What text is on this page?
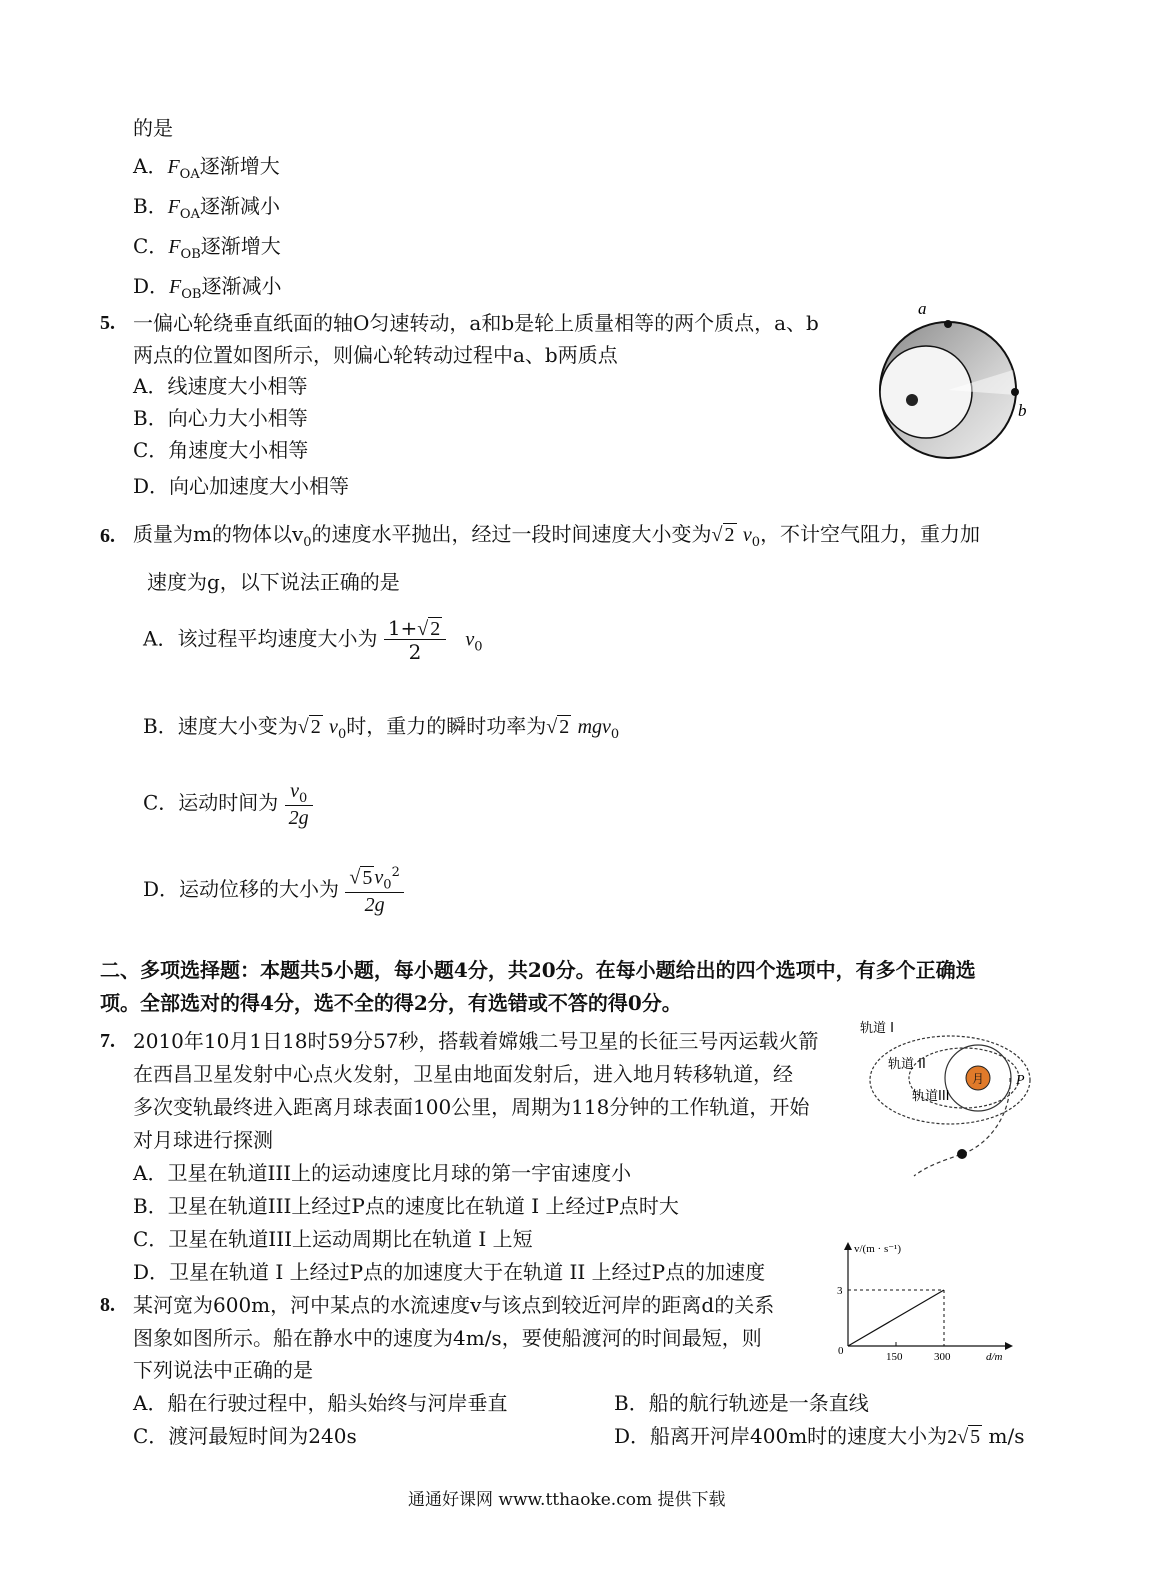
的是
A．$F_{OA}$逐渐增大
B．$F_{OA}$逐渐减小
C．$F_{OB}$逐渐增大
D．$F_{OB}$逐渐减小
5. 一偏心轮绕垂直纸面的轴O匀速转动，a和b是轮上质量相等的两个质点，a、b
两点的位置如图所示，则偏心轮转动过程中a、b两质点
A．线速度大小相等
B．向心力大小相等
C．角速度大小相等
D．向心加速度大小相等
a
b
6. 质量为m的物体以$v_0$的速度水平抛出，经过一段时间速度大小变为√ 2 $v_0$，不计空气阻力，重力加
速度为g，以下说法正确的是
A．该过程平均速度大小为 $\frac{1+√ 2}{2} v_0$
B．速度大小变为√ 2 $v_0$时，重力的瞬时功率为√ 2 mgv$_0$
C．运动时间为 $\frac{v_0}{2g}$
D．运动位移的大小为 $\frac{√ 5 v_0^2}{2g}$
二、多项选择题：本题共5小题，每小题4分，共20分。在每小题给出的四个选项中，有多个正确选
项。全部选对的得4分，选不全的得2分，有选错或不答的得0分。
7. 2010年10月1日18时59分57秒，搭载着嫦娥二号卫星的长征三号丙运载火箭
在西昌卫星发射中心点火发射，卫星由地面发射后，进入地月转移轨道，经
多次变轨最终进入距离月球表面100公里，周期为118分钟的工作轨道，开始
对月球进行探测
A．卫星在轨道III上的运动速度比月球的第一宇宙速度小
B．卫星在轨道III上经过P点的速度比在轨道 I 上经过P点时大
C．卫星在轨道III上运动周期比在轨道 I 上短
D．卫星在轨道 I 上经过P点的加速度大于在轨道 II 上经过P点的加速度
月
轨道 I
轨道 II
轨道III
P
8. 某河宽为600m，河中某点的水流速度v与该点到较近河岸的距离d的关系
图象如图所示。船在静水中的速度为4m/s，要使船渡河的时间最短，则
下列说法中正确的是
A．船在行驶过程中，船头始终与河岸垂直	B．船的航行轨迹是一条直线
C．渡河最短时间为240s	D．船离开河岸400m时的速度大小为2√ 5 m/s
v/(m · s⁻¹)
d/m
3
0	150	300
通通好课网 www.tthaoke.com 提供下载
